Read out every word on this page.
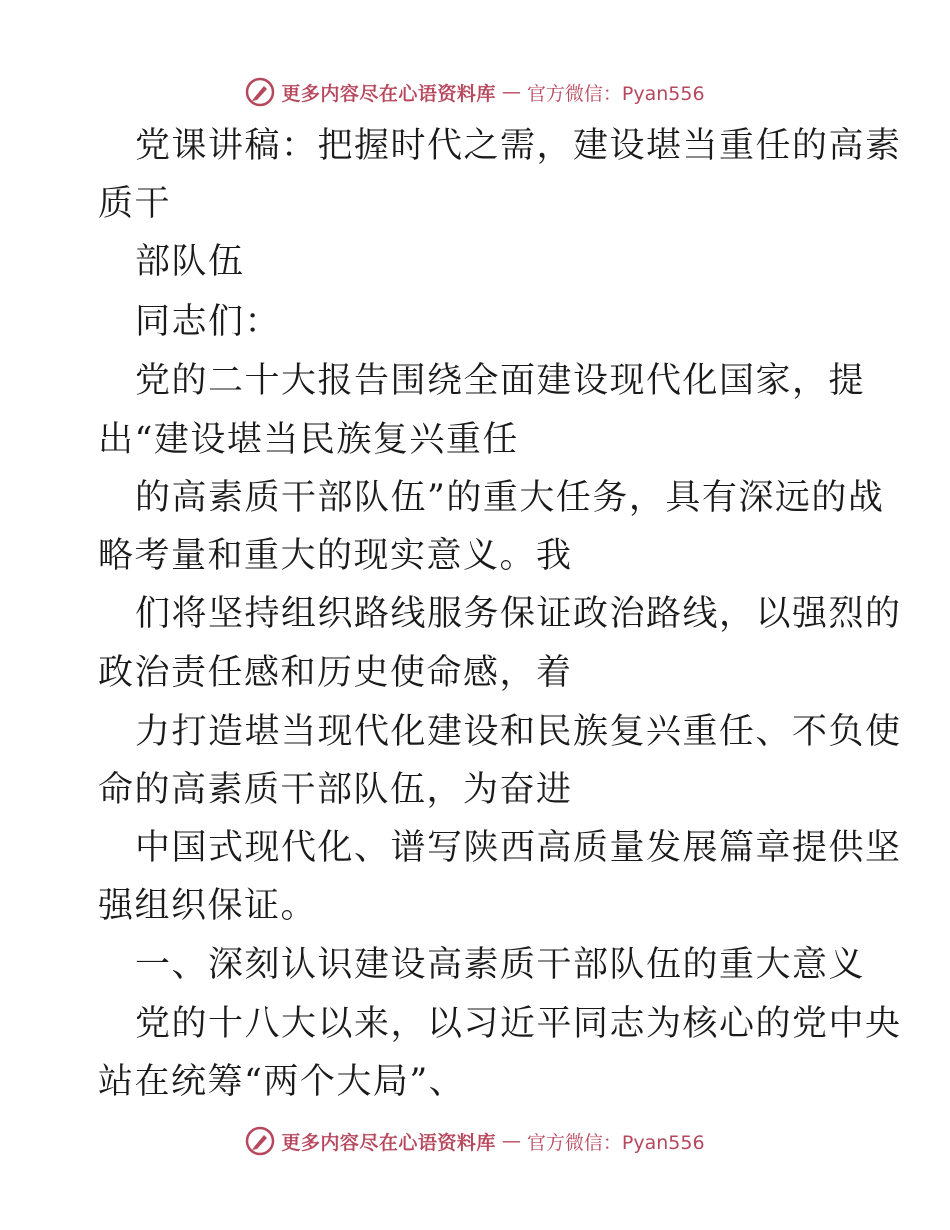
更多内容尽在心语资料库 — 官方微信：Pyan556
党课讲稿：把握时代之需，建设堪当重任的高素
质干
部队伍
同志们：
党的二十大报告围绕全面建设现代化国家，提
出“建设堪当民族复兴重任
的高素质干部队伍”的重大任务，具有深远的战
略考量和重大的现实意义。我
们将坚持组织路线服务保证政治路线，以强烈的
政治责任感和历史使命感，着
力打造堪当现代化建设和民族复兴重任、不负使
命的高素质干部队伍，为奋进
中国式现代化、谱写陕西高质量发展篇章提供坚
强组织保证。
一、深刻认识建设高素质干部队伍的重大意义
党的十八大以来，以习近平同志为核心的党中央
站在统筹“两个大局”、
更多内容尽在心语资料库 — 官方微信：Pyan556
